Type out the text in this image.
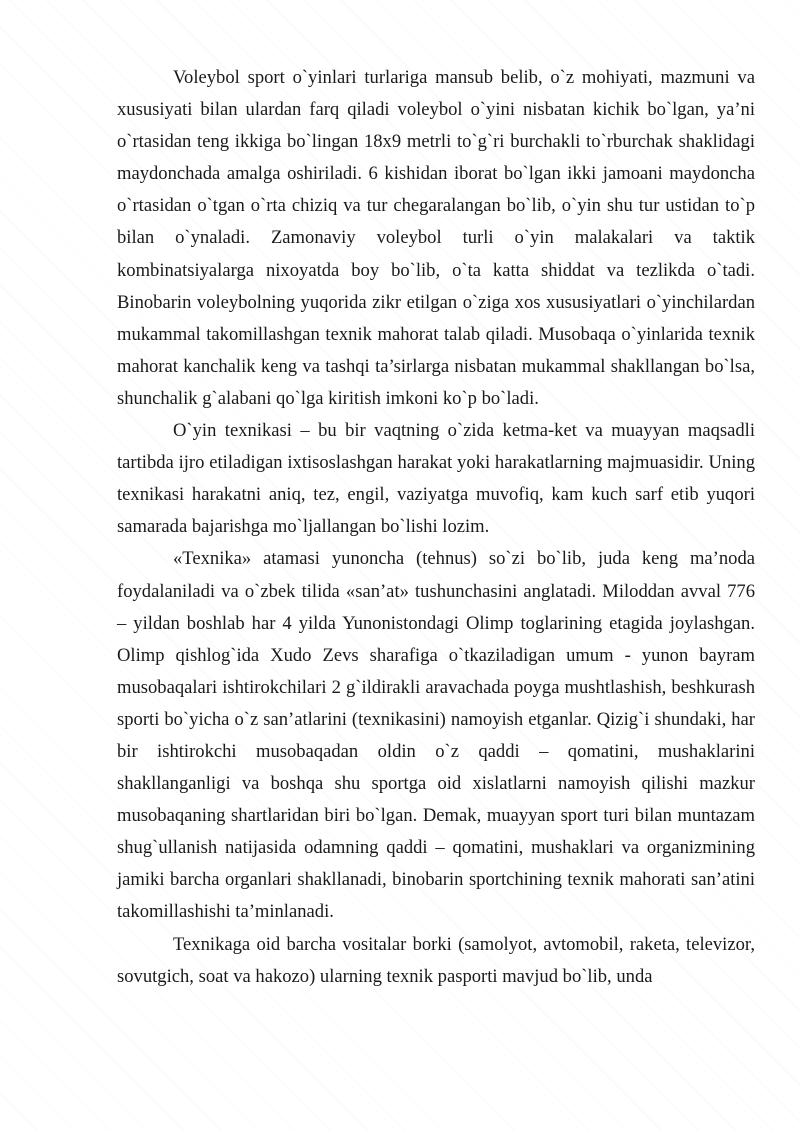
Voleybol sport o`yinlari turlariga mansub belib, o`z mohiyati, mazmuni va xususiyati bilan ulardan farq qiladi voleybol o`yini nisbatan kichik bo`lgan, ya’ni o`rtasidan teng ikkiga bo`lingan 18x9 metrli to`g`ri burchakli to`rburchak shaklidagi maydonchada amalga oshiriladi. 6 kishidan iborat bo`lgan ikki jamoani maydoncha o`rtasidan o`tgan o`rta chiziq va tur chegaralangan bo`lib, o`yin shu tur ustidan to`p bilan o`ynaladi. Zamonaviy voleybol turli o`yin malakalari va taktik kombinatsiyalarga nixoyatda boy bo`lib, o`ta katta shiddat va tezlikda o`tadi. Binobarin voleybolning yuqorida zikr etilgan o`ziga xos xususiyatlari o`yinchilardan mukammal takomillashgan texnik mahorat talab qiladi. Musobaqa o`yinlarida texnik mahorat kanchalik keng va tashqi ta’sirlarga nisbatan mukammal shakllangan bo`lsa, shunchalik g`alabani qo`lga kiritish imkoni ko`p bo`ladi.

O`yin texnikasi – bu bir vaqtning o`zida ketma-ket va muayyan maqsadli tartibda ijro etiladigan ixtisoslashgan harakat yoki harakatlarning majmuasidir. Uning texnikasi harakatni aniq, tez, engil, vaziyatga muvofiq, kam kuch sarf etib yuqori samarada bajarishga mo`ljallangan bo`lishi lozim.

«Texnika» atamasi yunoncha (tehnus) so`zi bo`lib, juda keng ma’noda foydalaniladi va o`zbek tilida «san’at» tushunchasini anglatadi. Miloddan avval 776 – yildan boshlab har 4 yilda Yunonistondagi Olimp toglarining etagida joylashgan. Olimp qishlog`ida Xudo Zevs sharafiga o`tkaziladigan umum - yunon bayram musobaqalari ishtirokchilari 2 g`ildirakli aravachada poyga mushtlashish, beshkurash sporti bo`yicha o`z san’atlarini (texnikasini) namoyish etganlar. Qizig`i shundaki, har bir ishtirokchi musobaqadan oldin o`z qaddi – qomatini, mushaklarini shakllanganligi va boshqa shu sportga oid xislatlarni namoyish qilishi mazkur musobaqaning shartlaridan biri bo`lgan. Demak, muayyan sport turi bilan muntazam shug`ullanish natijasida odamning qaddi – qomatini, mushaklari va organizmining jamiki barcha organlari shakllanadi, binobarin sportchining texnik mahorati san’atini takomillashishi ta’minlanadi.

Texnikaga oid barcha vositalar borki (samolyot, avtomobil, raketa, televizor, sovutgich, soat va hakozo) ularning texnik pasporti mavjud bo`lib, unda
